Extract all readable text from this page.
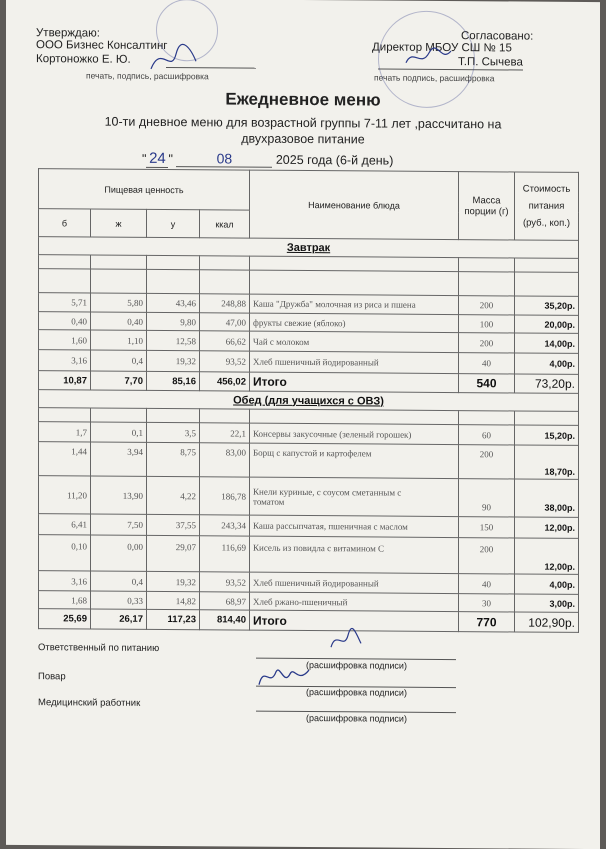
Утверждаю:
ООО Бизнес Консалтинг
Кортоножко Е. Ю.
печать, подпись, расшифровка
Согласовано:
Директор МБОУ СШ № 15
Т.П. Сычева
печать подпись, расшифровка
Ежедневное меню
10-ти дневное меню для возрастной группы 7-11 лет ,рассчитано на
двухразовое питание
" 24 "	08	2025 года (6-й день)
Пищевая ценность				Наименование блюда	Масса порции (г)	Стоимость питания (руб., коп.)
б	ж	у	ккал			
Завтрак						

5,71	5,80	43,46	248,88	Каша "Дружба" молочная из риса и пшена	200	35,20р.
0,40	0,40	9,80	47,00	фрукты свежие (яблоко)	100	20,00р.
1,60	1,10	12,58	66,62	Чай с молоком	200	14,00р.
3,16	0,4	19,32	93,52	Хлеб пшеничный йодированный	40	4,00р.
10,87	7,70	85,16	456,02	Итого	540	73,20р.
Обед (для учащихся с ОВЗ)						

1,7	0,1	3,5	22,1	Консервы закусочные (зеленый горошек)	60	15,20р.
1,44	3,94	8,75	83,00	Борщ с капустой и картофелем	200	18,70р.
11,20	13,90	4,22	186,78	Кнели куриные, с соусом сметанным с
томатом	90	38,00р.
6,41	7,50	37,55	243,34	Каша рассыпчатая, пшеничная с маслом	150	12,00р.
0,10	0,00	29,07	116,69	Кисель из повидла с витамином С	200	12,00р.
3,16	0,4	19,32	93,52	Хлеб пшеничный йодированный	40	4,00р.
1,68	0,33	14,82	68,97	Хлеб ржано-пшеничный	30	3,00р.
25,69	26,17	117,23	814,40	Итого	770	102,90р.
Ответственный по питанию
(расшифровка подписи)
Повар
(расшифровка подписи)
Медицинский работник
(расшифровка подписи)
